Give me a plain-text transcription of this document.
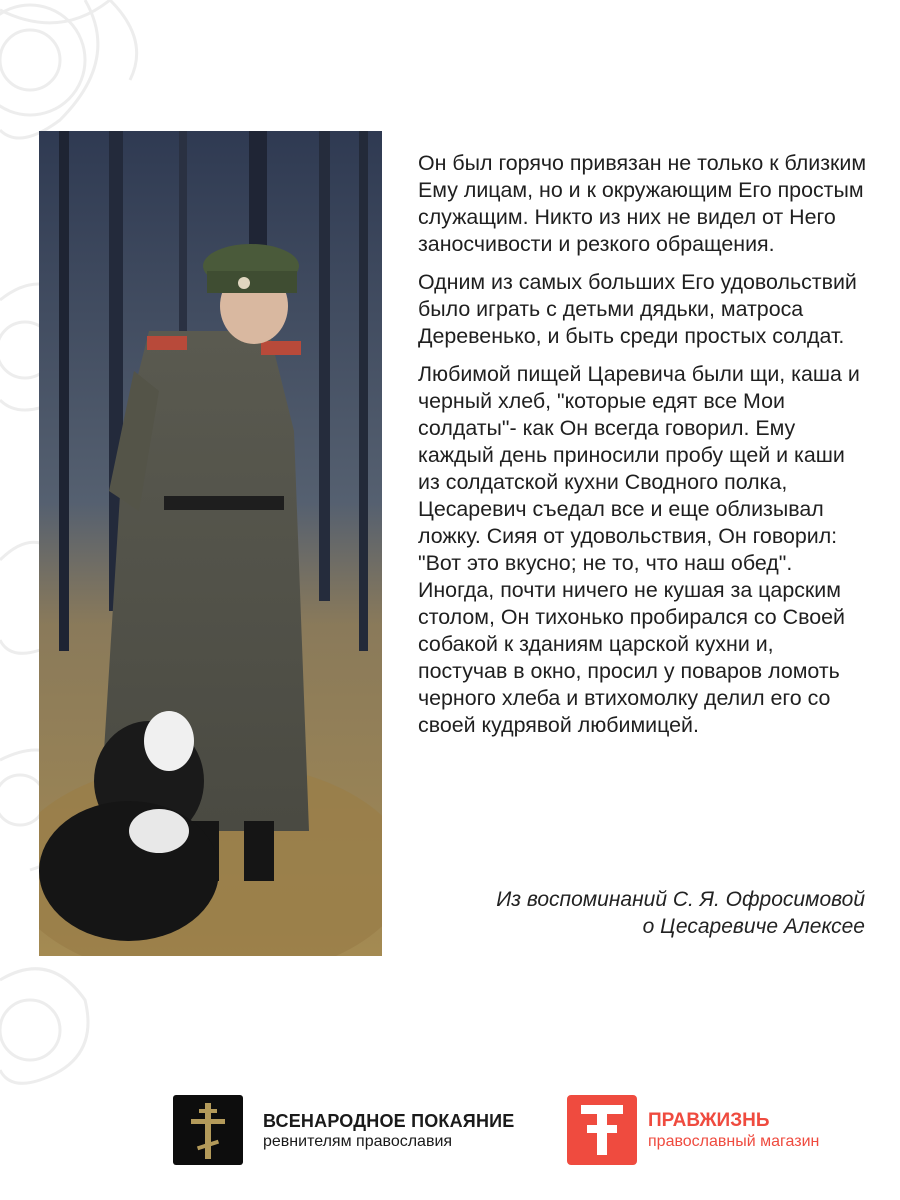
Он был горячо привязан не только к близким Ему лицам, но и к окружающим Его простым служащим. Никто из них не видел от Него заносчивости и резкого обращения.

Одним из самых больших Его удовольствий было играть с детьми дядьки, матроса Деревенько, и быть среди простых солдат.

Любимой пищей Царевича были щи, каша и черный хлеб, "которые едят все Мои солдаты"- как Он всегда говорил. Ему каждый день приносили пробу щей и каши из солдатской кухни Сводного полка, Цесаревич съедал все и еще облизывал ложку. Сияя от удовольствия, Он говорил: "Вот это вкусно; не то, что наш обед". Иногда, почти ничего не кушая за царским столом, Он тихонько пробирался со Своей собакой к зданиям царской кухни и, постучав в окно, просил у поваров ломоть черного хлеба и втихомолку делил его со своей кудрявой любимицей.

Из воспоминаний С. Я. Офросимовой
о Цесаревиче Алексее
ВСЕНАРОДНОЕ ПОКАЯНИЕ
ревнителям православия
ПРАВЖИЗНЬ
православный магазин
